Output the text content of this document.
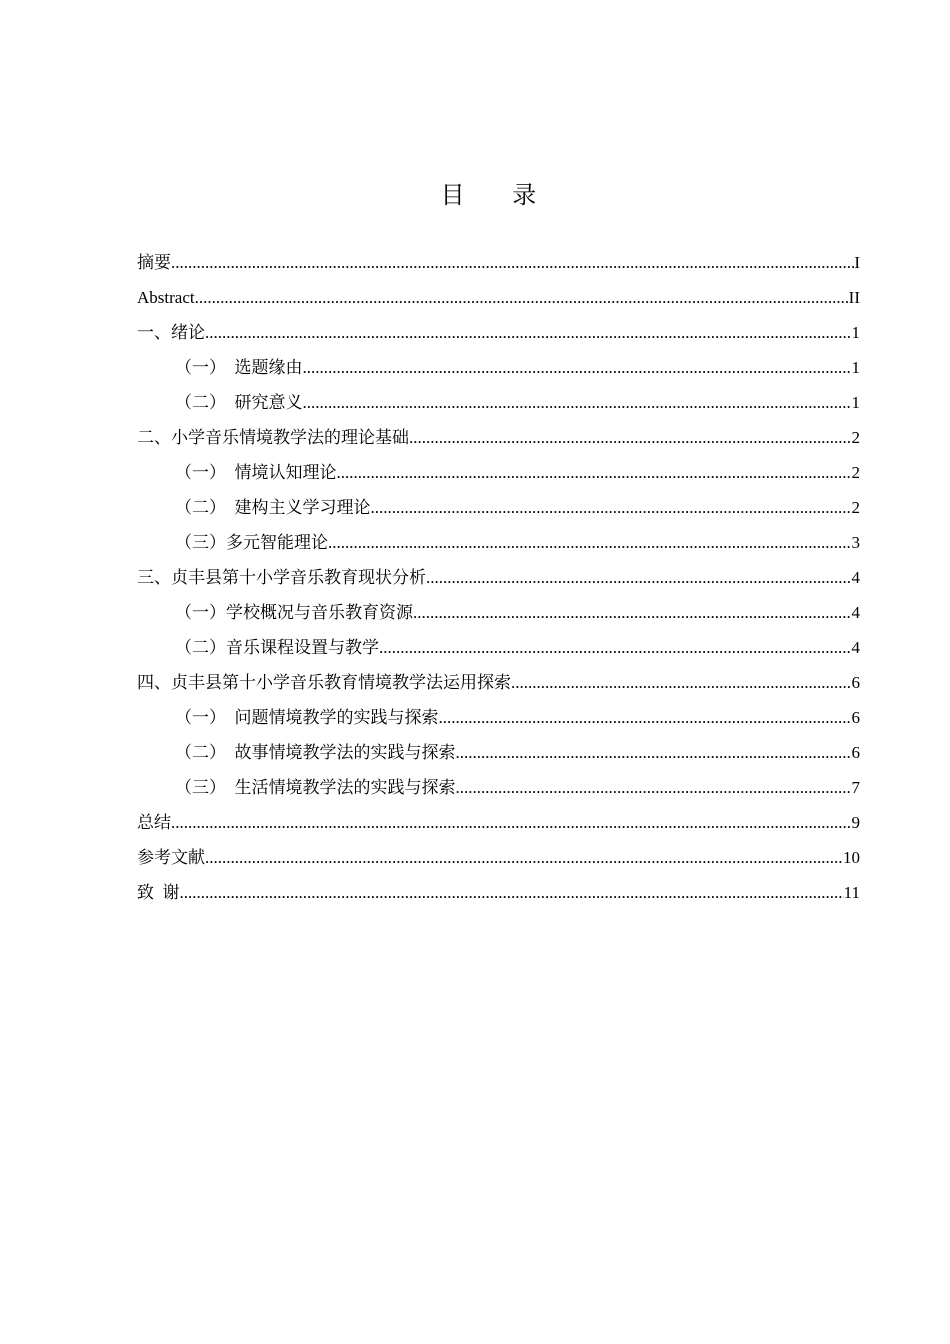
目 录
摘要 .....	I
Abstract .....	II
一、绪论 .....	1
（一）  选题缘由 .....	1
（二）  研究意义 .....	1
二、小学音乐情境教学法的理论基础 .....	2
（一）  情境认知理论 .....	2
（二）  建构主义学习理论 .....	2
（三）多元智能理论 .....	3
三、贞丰县第十小学音乐教育现状分析 .....	4
（一）学校概况与音乐教育资源 .....	4
（二）音乐课程设置与教学 .....	4
四、贞丰县第十小学音乐教育情境教学法运用探索 .....	6
（一）  问题情境教学的实践与探索 .....	6
（二）  故事情境教学法的实践与探索 .....	6
（三）  生活情境教学法的实践与探索 .....	7
总结 .....	9
参考文献 .....	10
致  谢 .....	11
